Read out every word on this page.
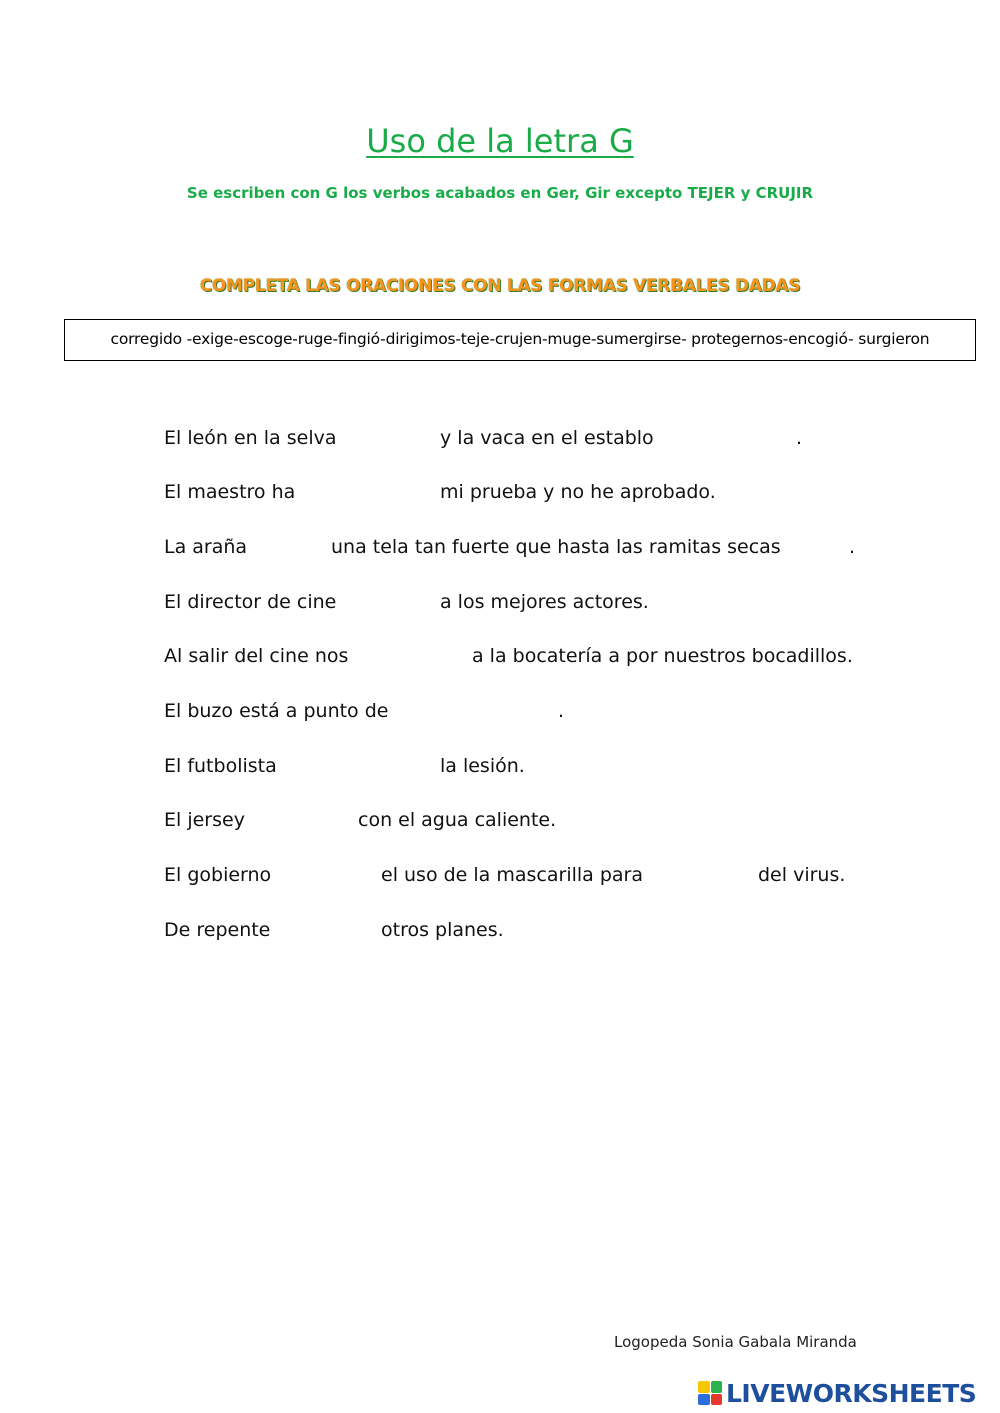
Uso de la letra G
Se escriben con G los verbos acabados en Ger, Gir excepto TEJER y CRUJIR
COMPLETA LAS ORACIONES CON LAS FORMAS VERBALES DADAS
corregido -exige-escoge-ruge-fingió-dirigimos-teje-crujen-muge-sumergirse- protegernos-encogió- surgieron
El león en la selva	y la vaca en el establo	.
El maestro ha	mi prueba y no he aprobado.
La araña	una tela tan fuerte que hasta las ramitas secas	.
El director de cine	a los mejores actores.
Al salir del cine nos	a la bocatería a por nuestros bocadillos.
El buzo está a punto de	.
El futbolista	la lesión.
El jersey	con el agua caliente.
El gobierno	el uso de la mascarilla para	del virus.
De repente	otros planes.
Logopeda Sonia Gabala Miranda
LIVEWORKSHEETS
